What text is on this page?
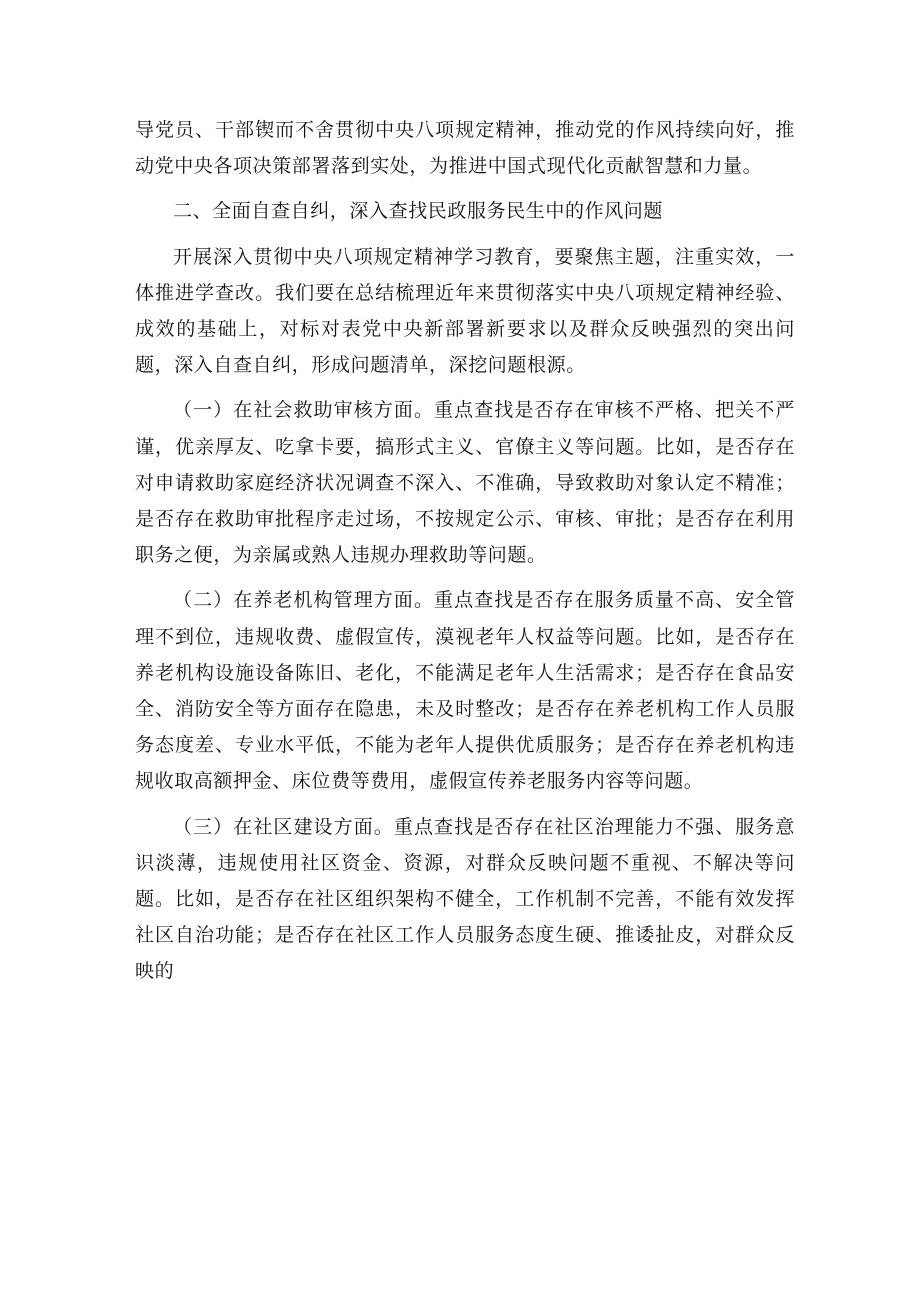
导党员、干部锲而不舍贯彻中央八项规定精神，推动党的作风持续向好，推动党中央各项决策部署落到实处，为推进中国式现代化贡献智慧和力量。

二、全面自查自纠，深入查找民政服务民生中的作风问题

开展深入贯彻中央八项规定精神学习教育，要聚焦主题，注重实效，一体推进学查改。我们要在总结梳理近年来贯彻落实中央八项规定精神经验、成效的基础上，对标对表党中央新部署新要求以及群众反映强烈的突出问题，深入自查自纠，形成问题清单，深挖问题根源。

（一）在社会救助审核方面。重点查找是否存在审核不严格、把关不严谨，优亲厚友、吃拿卡要，搞形式主义、官僚主义等问题。比如，是否存在对申请救助家庭经济状况调查不深入、不准确，导致救助对象认定不精准；是否存在救助审批程序走过场，不按规定公示、审核、审批；是否存在利用职务之便，为亲属或熟人违规办理救助等问题。

（二）在养老机构管理方面。重点查找是否存在服务质量不高、安全管理不到位，违规收费、虚假宣传，漠视老年人权益等问题。比如，是否存在养老机构设施设备陈旧、老化，不能满足老年人生活需求；是否存在食品安全、消防安全等方面存在隐患，未及时整改；是否存在养老机构工作人员服务态度差、专业水平低，不能为老年人提供优质服务；是否存在养老机构违规收取高额押金、床位费等费用，虚假宣传养老服务内容等问题。

（三）在社区建设方面。重点查找是否存在社区治理能力不强、服务意识淡薄，违规使用社区资金、资源，对群众反映问题不重视、不解决等问题。比如，是否存在社区组织架构不健全，工作机制不完善，不能有效发挥社区自治功能；是否存在社区工作人员服务态度生硬、推诿扯皮，对群众反映的
